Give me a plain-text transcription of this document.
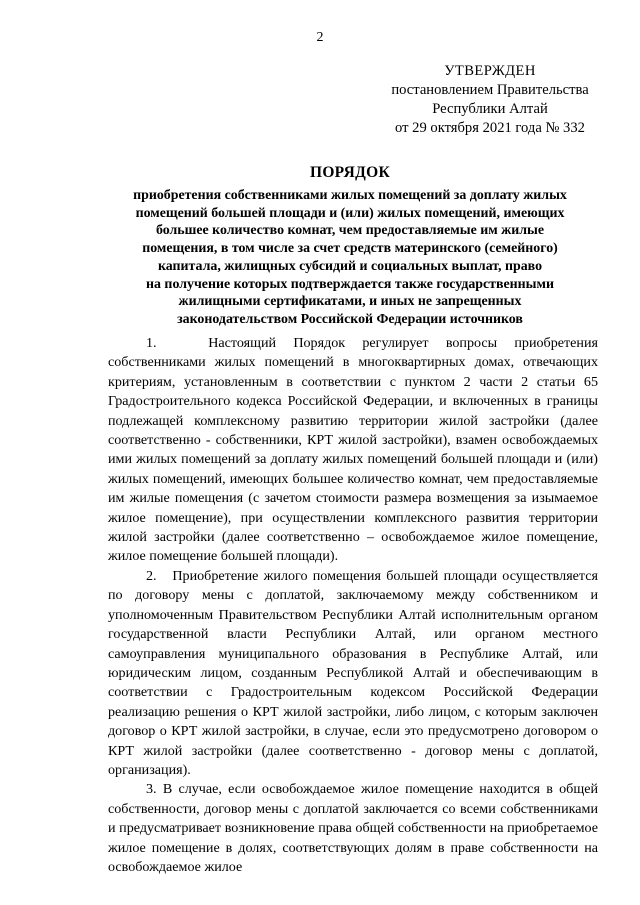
2
УТВЕРЖДЕН
постановлением Правительства
Республики Алтай
от 29 октября 2021 года № 332
ПОРЯДОК
приобретения собственниками жилых помещений за доплату жилых
помещений большей площади и (или) жилых помещений, имеющих
большее количество комнат, чем предоставляемые им жилые
помещения, в том числе за счет средств материнского (семейного)
капитала, жилищных субсидий и социальных выплат, право
на получение которых подтверждается также государственными
жилищными сертификатами, и иных не запрещенных
законодательством Российской Федерации источников

1.   Настоящий Порядок регулирует вопросы приобретения собственниками жилых помещений в многоквартирных домах, отвечающих критериям, установленным в соответствии с пунктом 2 части 2 статьи 65 Градостроительного кодекса Российской Федерации, и включенных в границы подлежащей комплексному развитию территории жилой застройки (далее соответственно - собственники, КРТ жилой застройки), взамен освобождаемых ими жилых помещений за доплату жилых помещений большей площади и (или) жилых помещений, имеющих большее количество комнат, чем предоставляемые им жилые помещения (с зачетом стоимости размера возмещения за изымаемое жилое помещение), при осуществлении комплексного развития территории жилой застройки (далее соответственно – освобождаемое жилое помещение, жилое помещение большей площади).

2.   Приобретение жилого помещения большей площади осуществляется по договору мены с доплатой, заключаемому между собственником и уполномоченным Правительством Республики Алтай исполнительным органом государственной власти Республики Алтай, или органом местного самоуправления муниципального образования в Республике Алтай, или юридическим лицом, созданным Республикой Алтай и обеспечивающим в соответствии с Градостроительным кодексом Российской Федерации реализацию решения о КРТ жилой застройки, либо лицом, с которым заключен договор о КРТ жилой застройки, в случае, если это предусмотрено договором о КРТ жилой застройки (далее соответственно - договор мены с доплатой, организация).

3. В случае, если освобождаемое жилое помещение находится в общей собственности, договор мены с доплатой заключается со всеми собственниками и предусматривает возникновение права общей собственности на приобретаемое жилое помещение в долях, соответствующих долям в праве собственности на освобождаемое жилое
